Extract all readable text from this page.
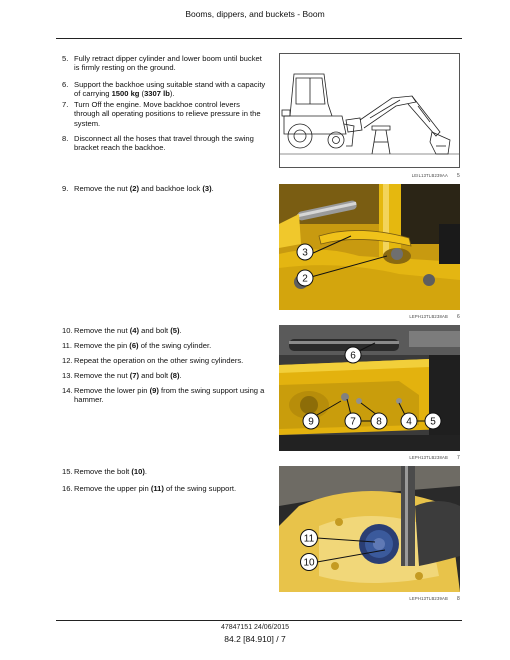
Booms, dippers, and buckets - Boom
5. Fully retract dipper cylinder and lower boom until bucket is firmly resting on the ground.
6. Support the backhoe using suitable stand with a capacity of carrying 1500 kg (3307 lb).
7. Turn Off the engine. Move backhoe control levers through all operating positions to relieve pressure in the system.
8. Disconnect all the hoses that travel through the swing bracket reach the backhoe.
9. Remove the nut (2) and backhoe lock (3).
10. Remove the nut (4) and bolt (5).
11. Remove the pin (6) of the swing cylinder.
12. Repeat the operation on the other swing cylinders.
13. Remove the nut (7) and bolt (8).
14. Remove the lower pin (9) from the swing support using a hammer.
15. Remove the bolt (10).
16. Remove the upper pin (11) of the swing support.
LEIL13TLB239AA 5
3
2
LEPH13TLB238AB 6
6
9	7 8 4 5
LEPH13TLB238AB 7
11
10
LEPH13TLB239AB 8
47847151 24/06/2015
84.2 [84.910] / 7
